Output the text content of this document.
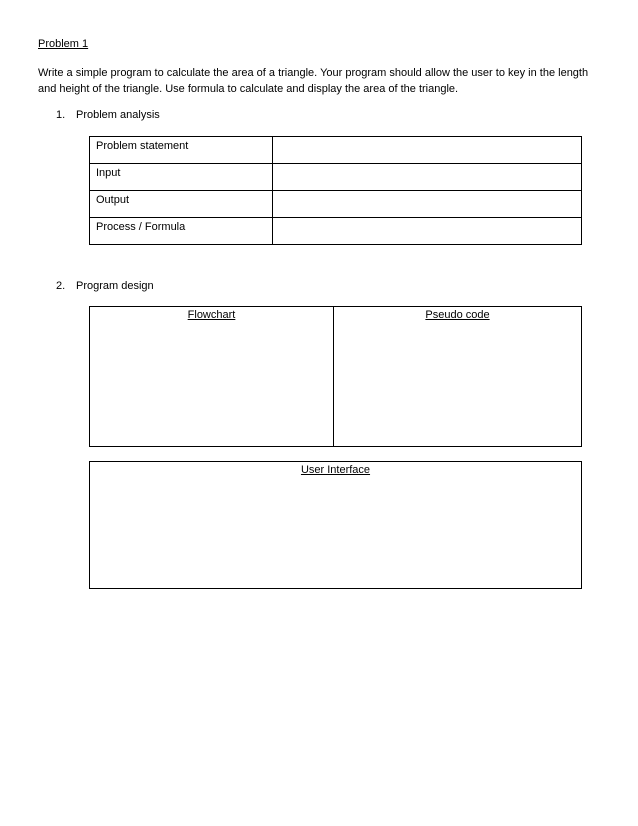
Problem 1
Write a simple program to calculate the area of a triangle. Your program should allow the user to key in the length and height of the triangle. Use formula to calculate and display the area of the triangle.
1. Problem analysis
Problem statement	
Input	
Output	
Process / Formula	
2. Program design
Flowchart	Pseudo code
User Interface
